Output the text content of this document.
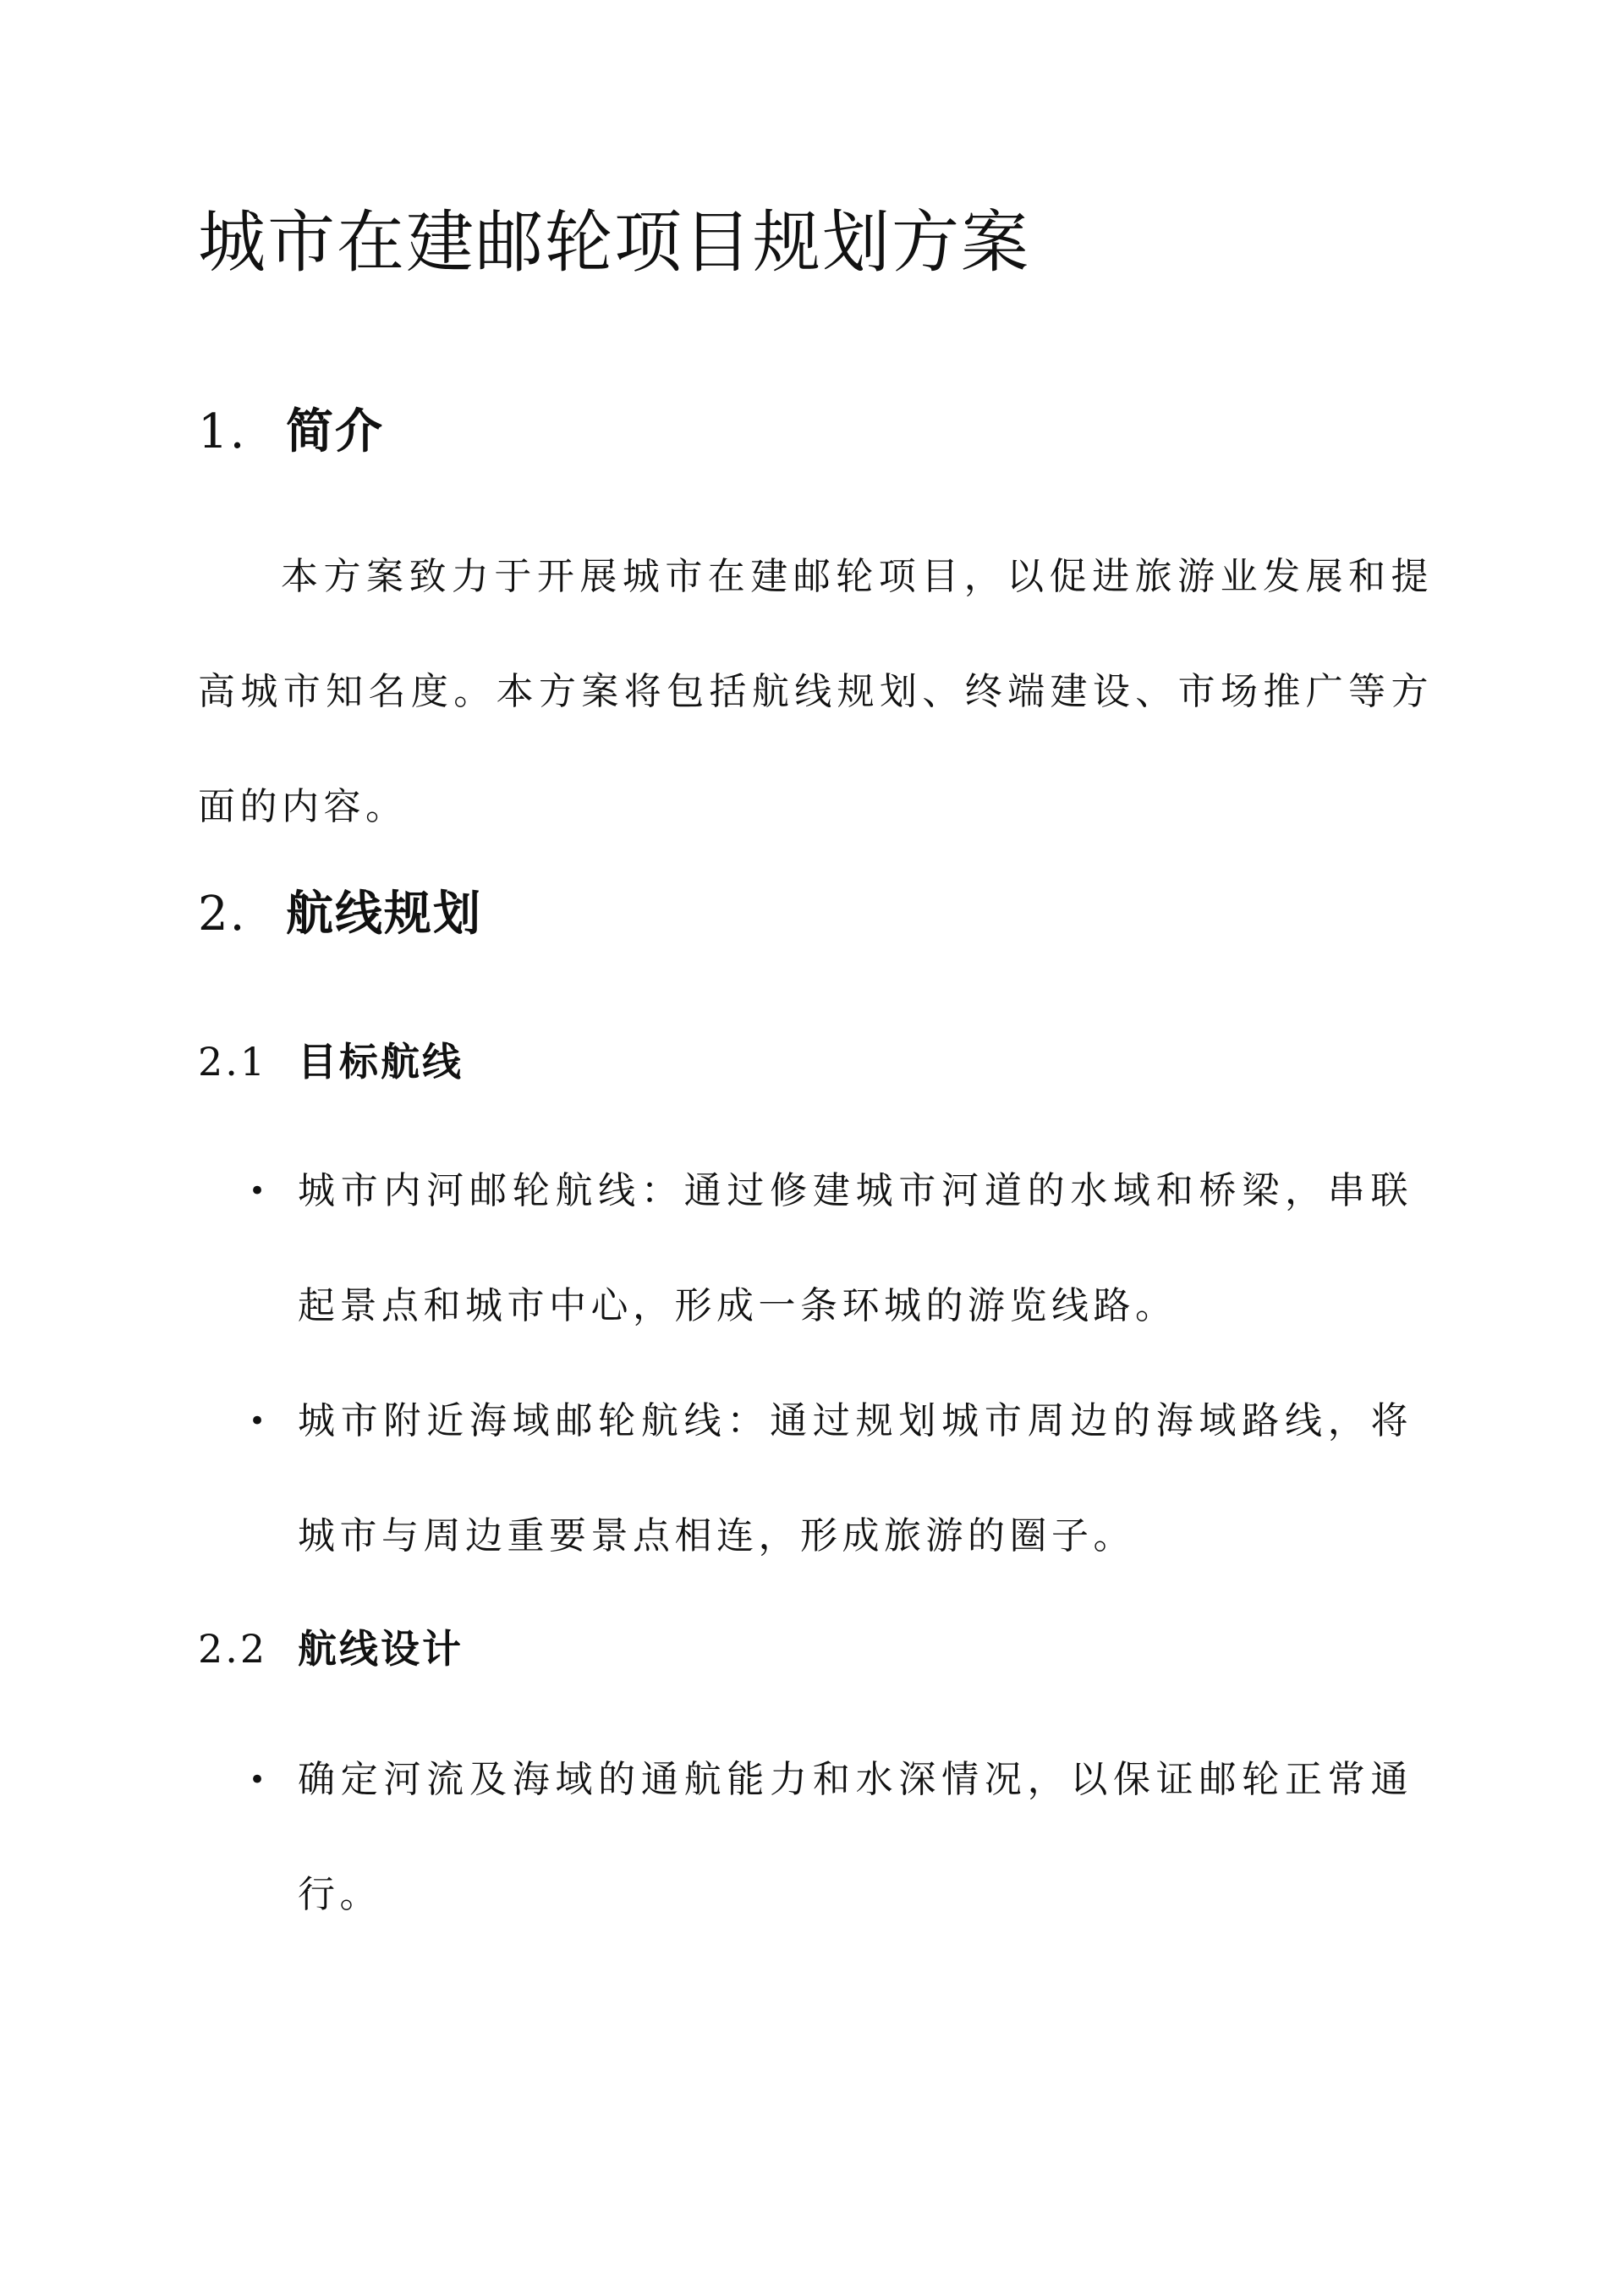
城市在建邮轮项目规划方案
1. 简介

本方案致力于开展城市在建邮轮项目，以促进旅游业发展和提高城市知名度。本方案将包括航线规划、终端建设、市场推广等方面的内容。

2. 航线规划
2.1 目标航线
• 城市内河邮轮航线：通过修建城市河道的水域和桥梁，串联起景点和城市中心，形成一条环城的游览线路。
• 城市附近海域邮轮航线：通过规划城市周边的海域路线，将城市与周边重要景点相连，形成旅游的圈子。
2.2 航线设计
• 确定河流及海域的通航能力和水深情况，以保证邮轮正常通行。
